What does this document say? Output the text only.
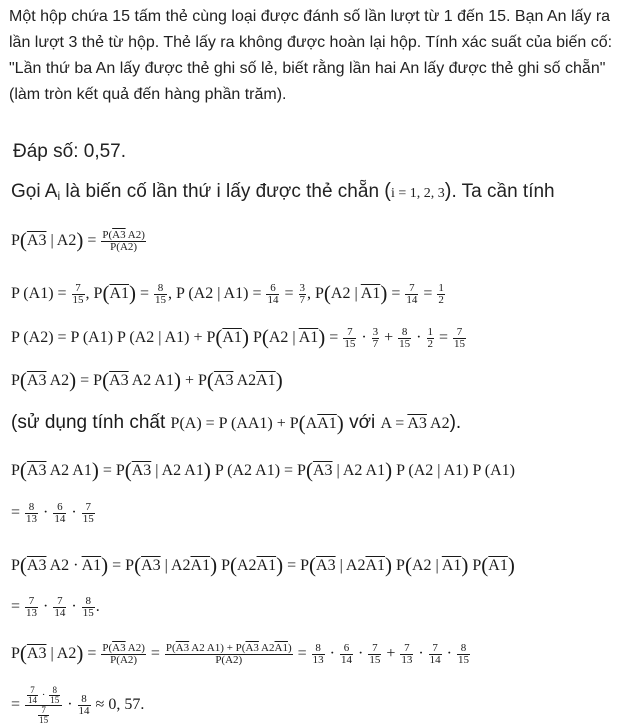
Một hộp chứa 15 tấm thẻ cùng loại được đánh số lần lượt từ 1 đến 15. Bạn An lấy ra lần lượt 3 thẻ từ hộp. Thẻ lấy ra không được hoàn lại hộp. Tính xác suất của biến cố: "Lần thứ ba An lấy được thẻ ghi số lẻ, biết rằng lần hai An lấy được thẻ ghi số chẵn" (làm tròn kết quả đến hàng phần trăm).
Đáp số: 0,57.
Gọi $A_i$ là biến cố lần thứ i lấy được thẻ chẵn (i = 1, 2, 3). Ta cần tính
P(A3 | $A2) = \frac{P(A3 A2)}{P(A2)}$
P $(A1) = \frac{7}{15}$ , $P(A1) = \frac{8}{15}$ , P (A2 | $A1) = \frac{6}{14} = \frac{3}{7}$ , P(A2 | $A1) = \frac{7}{14} = \frac{1}{2}$
P (A2) = P (A1) P (A2 | A1) + P(A1) P(A2 | $A1) = \frac{7}{15} \cdot \frac{3}{7} + \frac{8}{15} \cdot \frac{1}{2} = \frac{7}{15}$
P(A3 A2) = P(A3 A2 A1) + P(A3 A2A1)
(sử dụng tính chất P(A) = P (AA1) + P(AA1) với A = A3 A2).
P(A3 A2 A1) = P(A3 | A2 A1) P (A2 A1) = P(A3 | A2 A1) P (A2 | A1) P (A1)
= $\frac{8}{13} \cdot \frac{6}{14} \cdot \frac{7}{15}$
P(A3 A2 · A1) = P(A3 | A2A1) P(A2A1) = P(A3 | A2A1) P(A2 | A1) P(A1)
= $\frac{7}{13} \cdot \frac{7}{14} \cdot \frac{8}{15}$ .
P(A3 | $A2) = \frac{P(A3 A2)}{P(A2)} = \frac{P(A3 A2 A1) + P(A3 A2A1)}{P(A2)} = \frac{8}{13} \cdot \frac{6}{14} \cdot \frac{7}{15} + \frac{7}{13} \cdot \frac{7}{14} \cdot \frac{8}{15}$
= $\frac{\frac{7}{14} \cdot \frac{8}{15}}{\frac{7}{15}} \cdot \frac{8}{14} \approx 0$, 57.
